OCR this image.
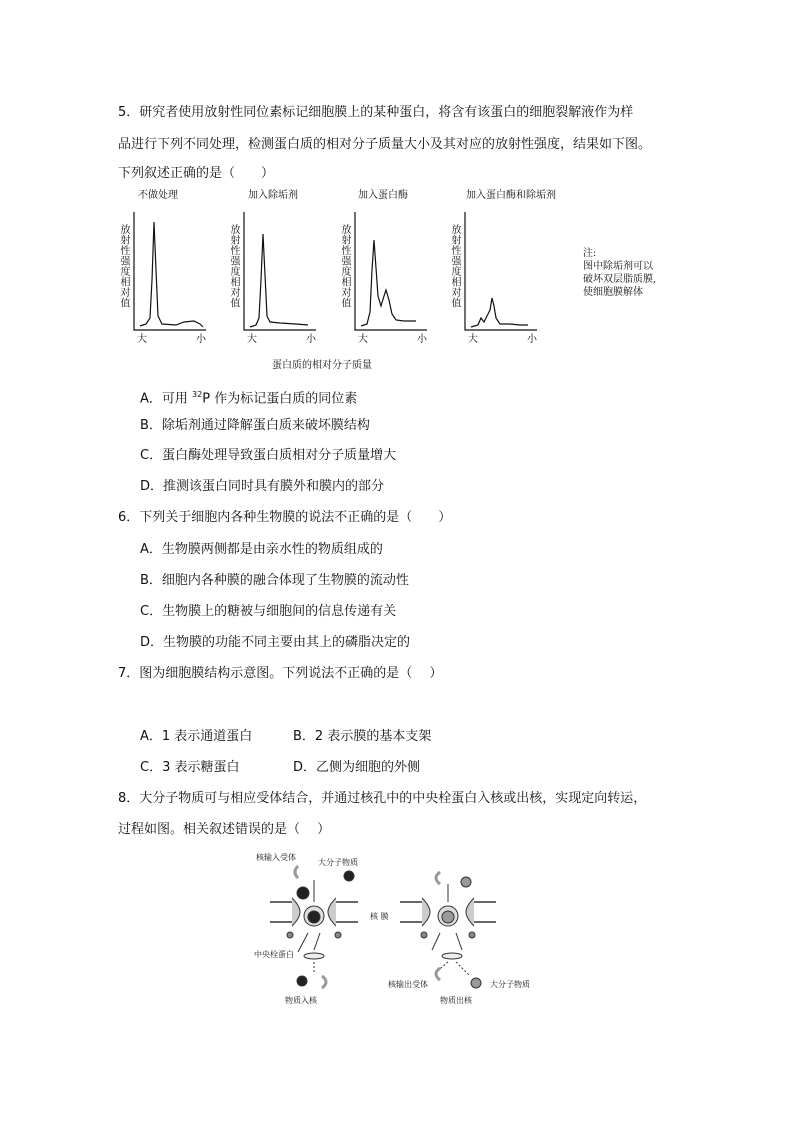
5．研究者使用放射性同位素标记细胞膜上的某种蛋白，将含有该蛋白的细胞裂解液作为样
品进行下列不同处理，检测蛋白质的相对分子质量大小及其对应的放射性强度，结果如下图。
下列叙述正确的是（　　）
不做处理	加入除垢剂	加入蛋白酶	加入蛋白酶和除垢剂
放射性强度相对值	放射性强度相对值	放射性强度相对值	放射性强度相对值
大	小	大	小	大	小	大	小
注:
图中除垢剂可以
破坏双层脂质膜,
使细胞膜解体
蛋白质的相对分子质量
A．可用 $^{32}$P 作为标记蛋白质的同位素
B．除垢剂通过降解蛋白质来破坏膜结构
C．蛋白酶处理导致蛋白质相对分子质量增大
D．推测该蛋白同时具有膜外和膜内的部分
6．下列关于细胞内各种生物膜的说法不正确的是（　　）
A．生物膜两侧都是由亲水性的物质组成的
B．细胞内各种膜的融合体现了生物膜的流动性
C．生物膜上的糖被与细胞间的信息传递有关
D．生物膜的功能不同主要由其上的磷脂决定的
7．图为细胞膜结构示意图。下列说法不正确的是（　 ）
A．1 表示通道蛋白	B．2 表示膜的基本支架
C．3 表示糖蛋白	D．乙侧为细胞的外侧
8．大分子物质可与相应受体结合，并通过核孔中的中央栓蛋白入核或出核，实现定向转运，
过程如图。相关叙述错误的是（　 ）
核输入受体
大分子物质
核 膜
中央栓蛋白
物质入核
核输出受体	大分子物质
物质出核
